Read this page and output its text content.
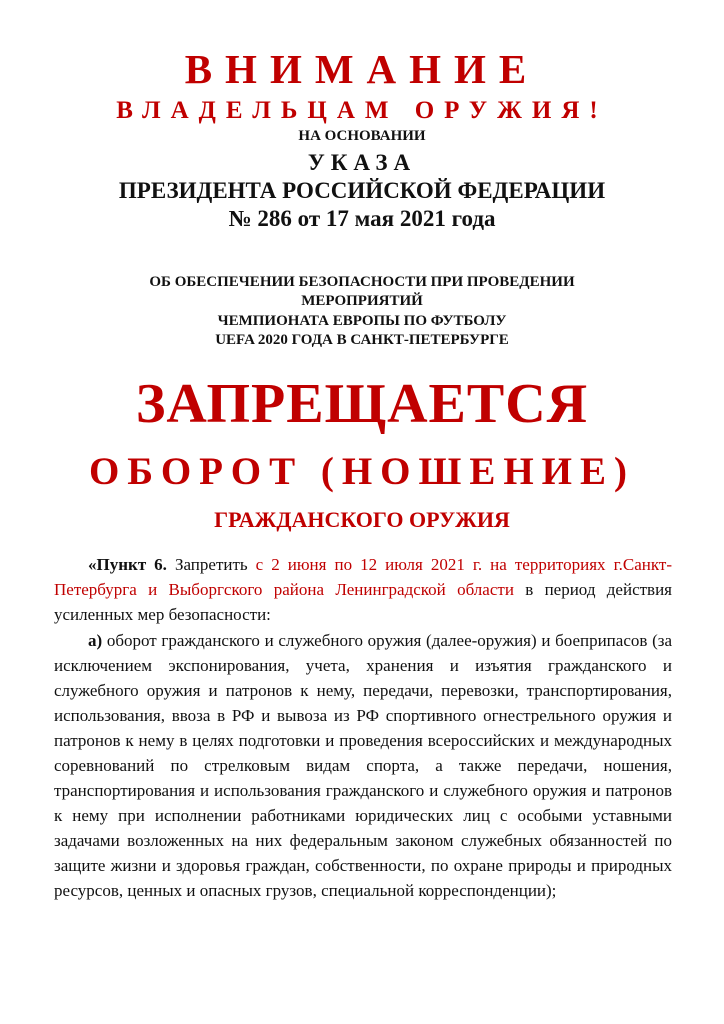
ВНИМАНИЕ
ВЛАДЕЛЬЦАМ ОРУЖИЯ!
НА ОСНОВАНИИ
УКАЗА
ПРЕЗИДЕНТА РОССИЙСКОЙ ФЕДЕРАЦИИ
№ 286 от 17 мая 2021 года
ОБ ОБЕСПЕЧЕНИИ БЕЗОПАСНОСТИ ПРИ ПРОВЕДЕНИИ
МЕРОПРИЯТИЙ
ЧЕМПИОНАТА ЕВРОПЫ ПО ФУТБОЛУ
UEFA 2020 ГОДА В САНКТ-ПЕТЕРБУРГЕ
ЗАПРЕЩАЕТСЯ
ОБОРОТ (НОШЕНИЕ)
ГРАЖДАНСКОГО ОРУЖИЯ
«Пункт 6. Запретить с 2 июня по 12 июля 2021 г. на территориях г.Санкт-Петербурга и Выборгского района Ленинградской области в период действия усиленных мер безопасности:
а) оборот гражданского и служебного оружия (далее-оружия) и боеприпасов (за исключением экспонирования, учета, хранения и изъятия гражданского и служебного оружия и патронов к нему, передачи, перевозки, транспортирования, использования, ввоза в РФ и вывоза из РФ спортивного огнестрельного оружия и патронов к нему в целях подготовки и проведения всероссийских и международных соревнований по стрелковым видам спорта, а также передачи, ношения, транспортирования и использования гражданского и служебного оружия и патронов к нему при исполнении работниками юридических лиц с особыми уставными задачами возложенных на них федеральным законом служебных обязанностей по защите жизни и здоровья граждан, собственности, по охране природы и природных ресурсов, ценных и опасных грузов, специальной корреспонденции);
